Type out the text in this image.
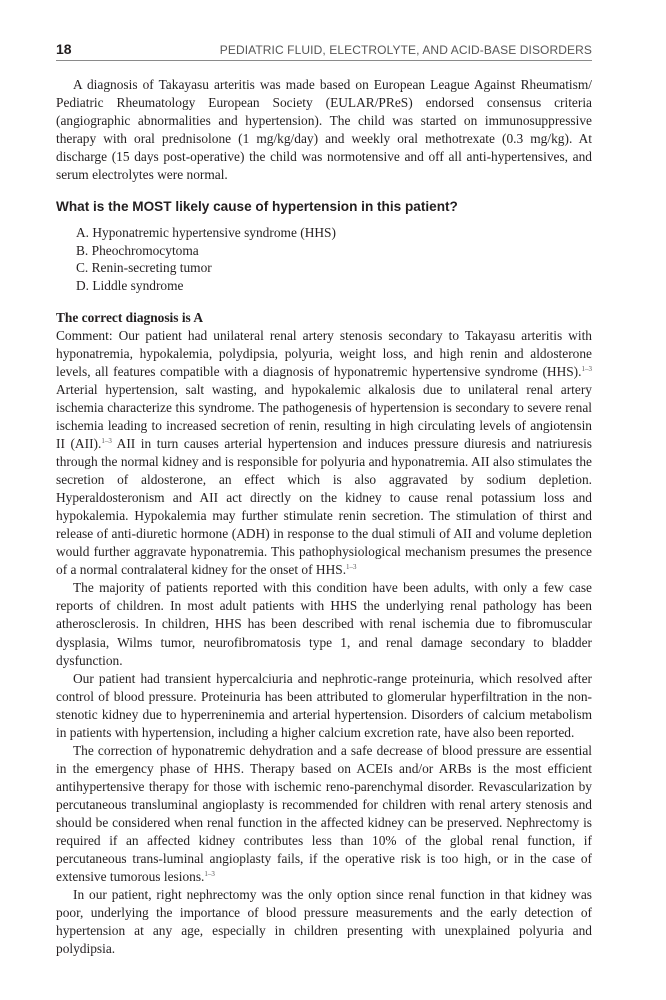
18	PEDIATRIC FLUID, ELECTROLYTE, AND ACID-BASE DISORDERS

A diagnosis of Takayasu arteritis was made based on European League Against Rheumatism/ Pediatric Rheumatology European Society (EULAR/PReS) endorsed consensus criteria (angiographic abnormalities and hypertension). The child was started on immunosuppressive therapy with oral prednisolone (1 mg/kg/day) and weekly oral methotrexate (0.3 mg/kg). At discharge (15 days post-operative) the child was normotensive and off all anti-hypertensives, and serum electrolytes were normal.

What is the MOST likely cause of hypertension in this patient?

A. Hyponatremic hypertensive syndrome (HHS)
B. Pheochromocytoma
C. Renin-secreting tumor
D. Liddle syndrome

The correct diagnosis is A

Comment: Our patient had unilateral renal artery stenosis secondary to Takayasu arteritis with hyponatremia, hypokalemia, polydipsia, polyuria, weight loss, and high renin and aldosterone levels, all features compatible with a diagnosis of hyponatremic hypertensive syndrome (HHS).$^{1-3}$ Arterial hypertension, salt wasting, and hypokalemic alkalosis due to unilateral renal artery ischemia characterize this syndrome. The pathogenesis of hypertension is secondary to severe renal ischemia leading to increased secretion of renin, resulting in high circulating levels of angiotensin II (AII).$^{1-3}$ AII in turn causes arterial hypertension and induces pressure diuresis and natriuresis through the normal kidney and is responsible for polyuria and hyponatremia. AII also stimulates the secretion of aldosterone, an effect which is also aggravated by sodium depletion. Hyperaldosteronism and AII act directly on the kidney to cause renal potassium loss and hypokalemia. Hypokalemia may further stimulate renin secretion. The stimulation of thirst and release of anti-diuretic hormone (ADH) in response to the dual stimuli of AII and volume depletion would further aggravate hyponatremia. This pathophysiological mechanism presumes the presence of a normal contralateral kidney for the onset of HHS.$^{1-3}$

The majority of patients reported with this condition have been adults, with only a few case reports of children. In most adult patients with HHS the underlying renal pathology has been atherosclerosis. In children, HHS has been described with renal ischemia due to fibromuscular dysplasia, Wilms tumor, neurofibromatosis type 1, and renal damage secondary to bladder dysfunction.

Our patient had transient hypercalciuria and nephrotic-range proteinuria, which resolved after control of blood pressure. Proteinuria has been attributed to glomerular hyperfiltration in the non-stenotic kidney due to hyperreninemia and arterial hypertension. Disorders of calcium metabolism in patients with hypertension, including a higher calcium excretion rate, have also been reported.

The correction of hyponatremic dehydration and a safe decrease of blood pressure are essential in the emergency phase of HHS. Therapy based on ACEIs and/or ARBs is the most efficient antihypertensive therapy for those with ischemic reno-parenchymal disorder. Revascularization by percutaneous transluminal angioplasty is recommended for children with renal artery stenosis and should be considered when renal function in the affected kidney can be preserved. Nephrectomy is required if an affected kidney contributes less than 10% of the global renal function, if percutaneous trans-luminal angioplasty fails, if the operative risk is too high, or in the case of extensive tumorous lesions.$^{1-3}$

In our patient, right nephrectomy was the only option since renal function in that kidney was poor, underlying the importance of blood pressure measurements and the early detection of hypertension at any age, especially in children presenting with unexplained polyuria and polydipsia.
